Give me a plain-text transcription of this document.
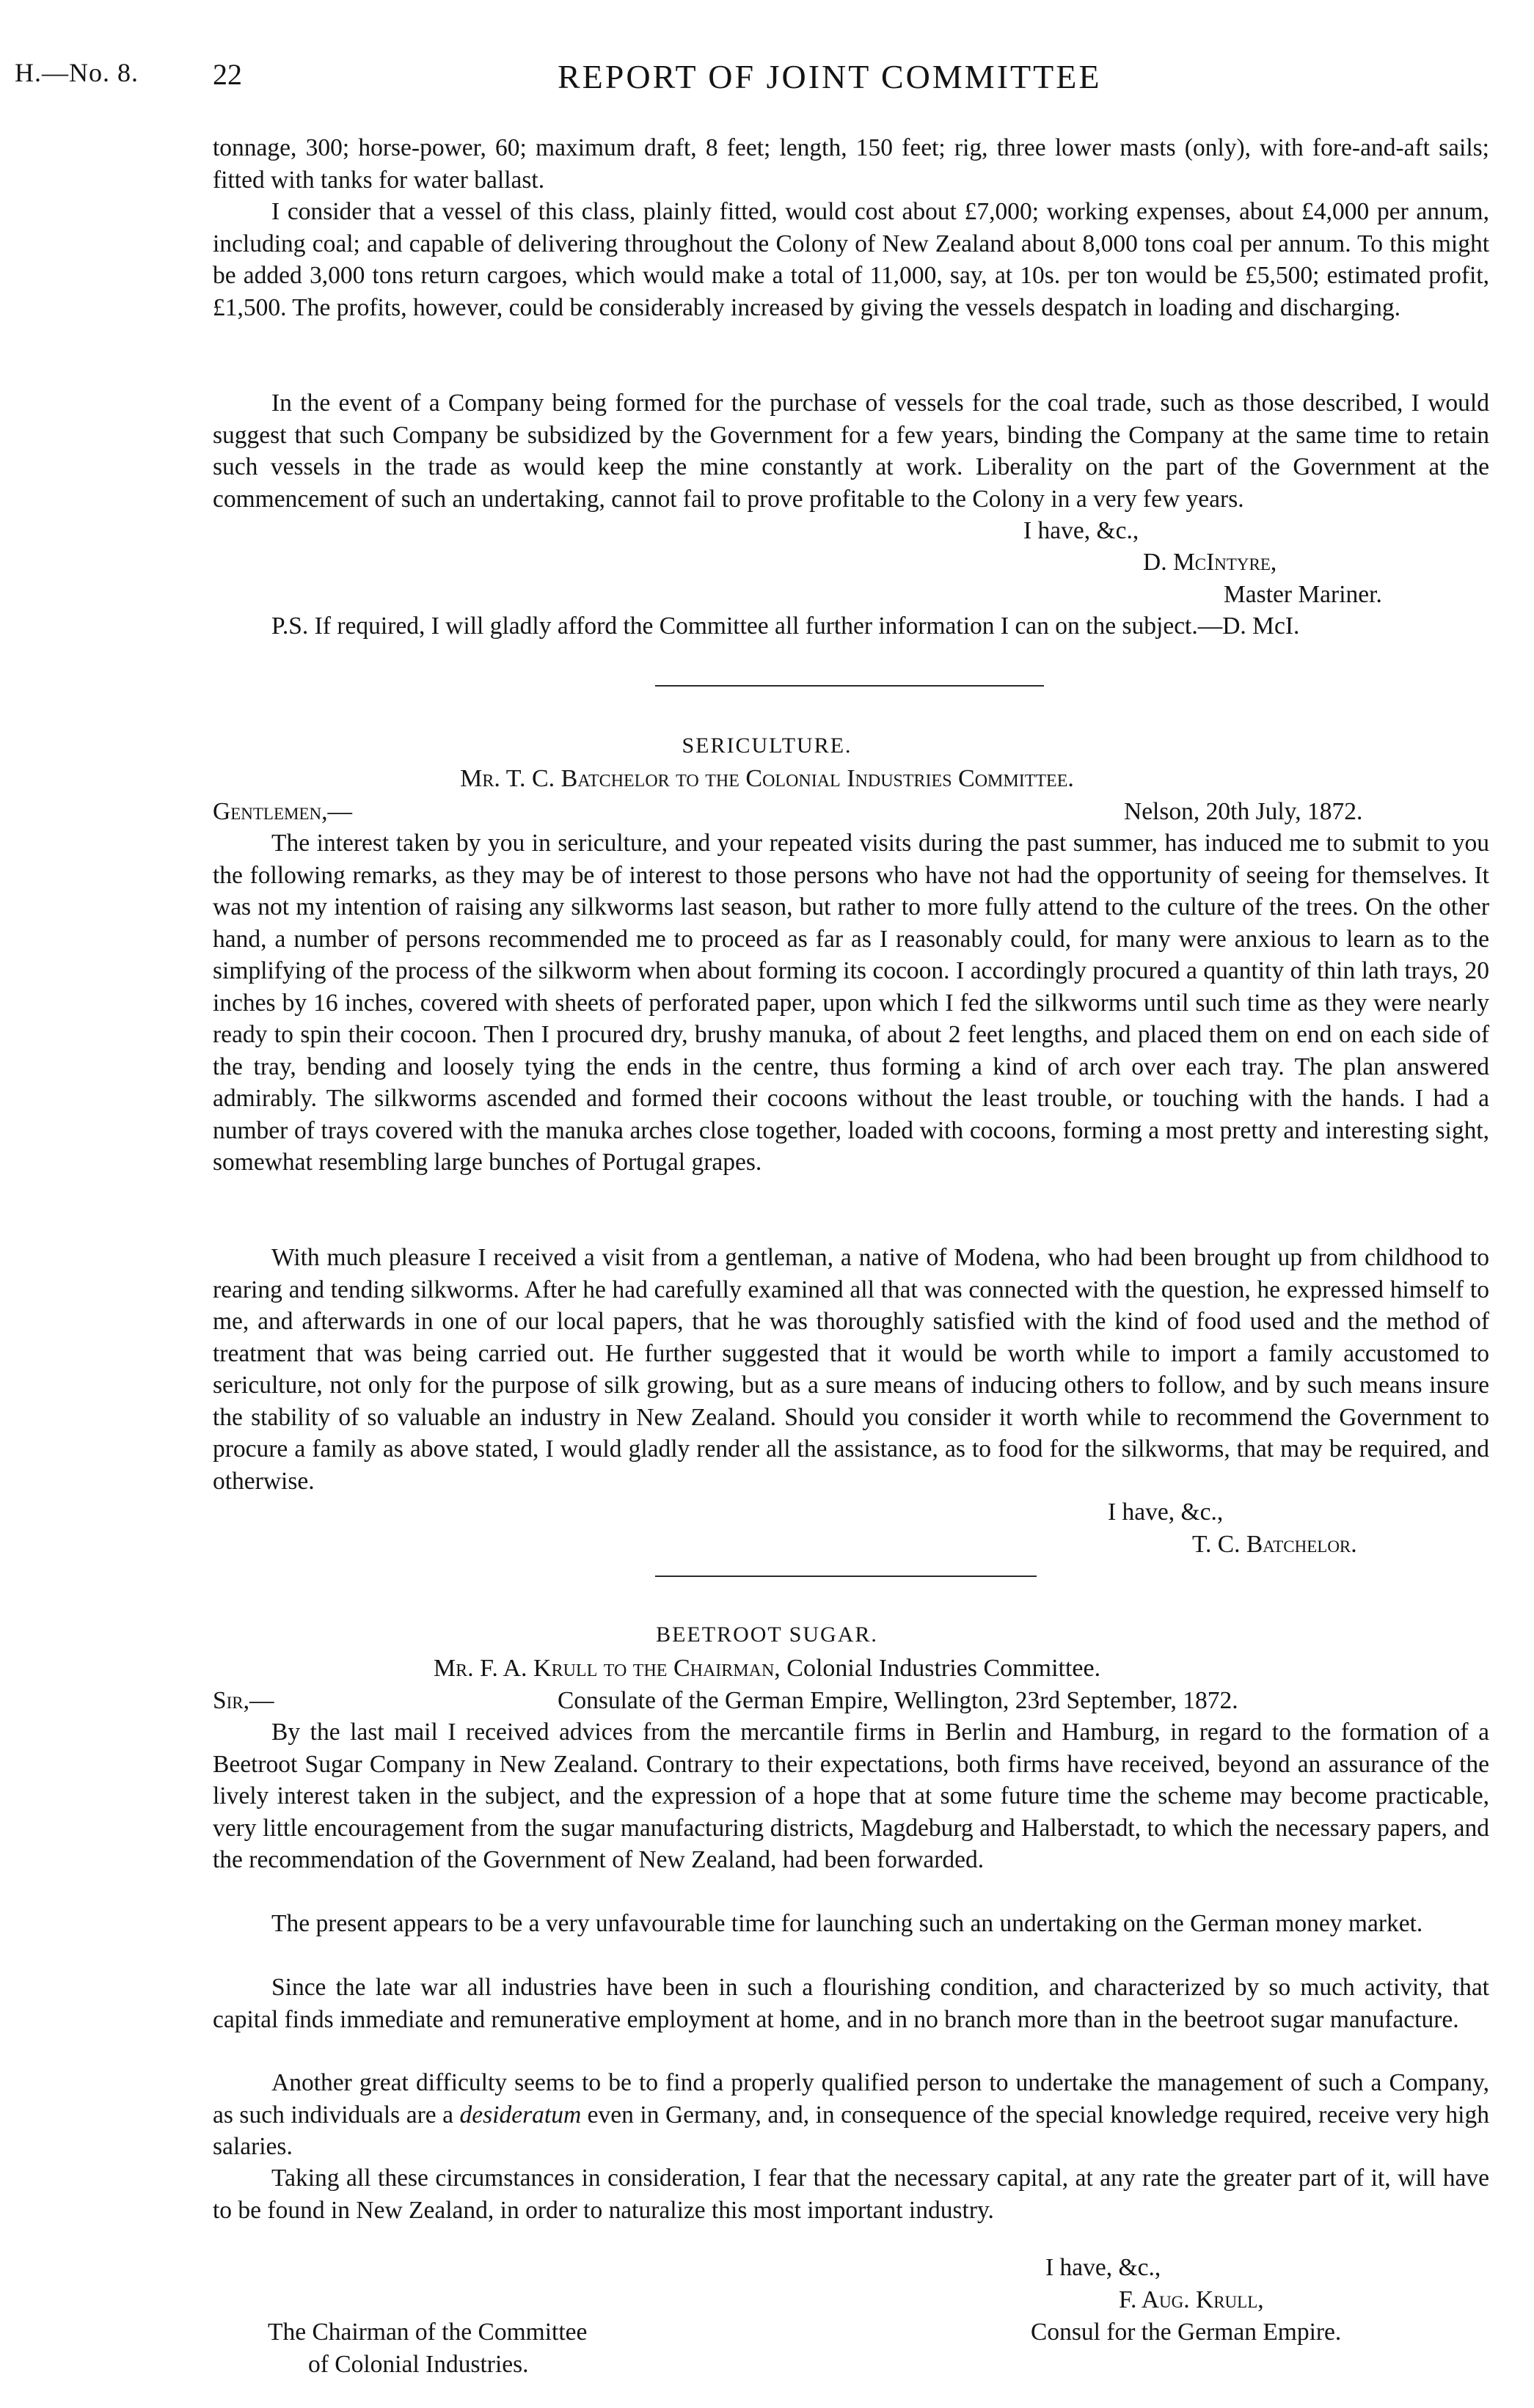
H.—No. 8.	22	REPORT OF JOINT COMMITTEE

tonnage, 300; horse-power, 60; maximum draft, 8 feet; length, 150 feet; rig, three lower masts (only), with fore-and-aft sails; fitted with tanks for water ballast.

I consider that a vessel of this class, plainly fitted, would cost about £7,000; working expenses, about £4,000 per annum, including coal; and capable of delivering throughout the Colony of New Zealand about 8,000 tons coal per annum. To this might be added 3,000 tons return cargoes, which would make a total of 11,000, say, at 10s. per ton would be £5,500; estimated profit, £1,500. The profits, however, could be considerably increased by giving the vessels despatch in loading and discharging.

In the event of a Company being formed for the purchase of vessels for the coal trade, such as those described, I would suggest that such Company be subsidized by the Government for a few years, binding the Company at the same time to retain such vessels in the trade as would keep the mine constantly at work. Liberality on the part of the Government at the commencement of such an undertaking, cannot fail to prove profitable to the Colony in a very few years.

I have, &c.,
D. McIntyre,
Master Mariner.

P.S. If required, I will gladly afford the Committee all further information I can on the subject.—D. McI.

SERICULTURE.
Mr. T. C. Batchelor to the Colonial Industries Committee.
Gentlemen,—	Nelson, 20th July, 1872.

The interest taken by you in sericulture, and your repeated visits during the past summer, has induced me to submit to you the following remarks, as they may be of interest to those persons who have not had the opportunity of seeing for themselves. It was not my intention of raising any silkworms last season, but rather to more fully attend to the culture of the trees. On the other hand, a number of persons recommended me to proceed as far as I reasonably could, for many were anxious to learn as to the simplifying of the process of the silkworm when about forming its cocoon. I accordingly procured a quantity of thin lath trays, 20 inches by 16 inches, covered with sheets of perforated paper, upon which I fed the silkworms until such time as they were nearly ready to spin their cocoon. Then I procured dry, brushy manuka, of about 2 feet lengths, and placed them on end on each side of the tray, bending and loosely tying the ends in the centre, thus forming a kind of arch over each tray. The plan answered admirably. The silkworms ascended and formed their cocoons without the least trouble, or touching with the hands. I had a number of trays covered with the manuka arches close together, loaded with cocoons, forming a most pretty and interesting sight, somewhat resembling large bunches of Portugal grapes.

With much pleasure I received a visit from a gentleman, a native of Modena, who had been brought up from childhood to rearing and tending silkworms. After he had carefully examined all that was connected with the question, he expressed himself to me, and afterwards in one of our local papers, that he was thoroughly satisfied with the kind of food used and the method of treatment that was being carried out. He further suggested that it would be worth while to import a family accustomed to sericulture, not only for the purpose of silk growing, but as a sure means of inducing others to follow, and by such means insure the stability of so valuable an industry in New Zealand. Should you consider it worth while to recommend the Government to procure a family as above stated, I would gladly render all the assistance, as to food for the silkworms, that may be required, and otherwise.

I have, &c.,
T. C. Batchelor.
BEETROOT SUGAR.
Mr. F. A. Krull to the Chairman, Colonial Industries Committee.
Sir,—	Consulate of the German Empire, Wellington, 23rd September, 1872.

By the last mail I received advices from the mercantile firms in Berlin and Hamburg, in regard to the formation of a Beetroot Sugar Company in New Zealand. Contrary to their expectations, both firms have received, beyond an assurance of the lively interest taken in the subject, and the expression of a hope that at some future time the scheme may become practicable, very little encouragement from the sugar manufacturing districts, Magdeburg and Halberstadt, to which the necessary papers, and the recommendation of the Government of New Zealand, had been forwarded.

The present appears to be a very unfavourable time for launching such an undertaking on the German money market.

Since the late war all industries have been in such a flourishing condition, and characterized by so much activity, that capital finds immediate and remunerative employment at home, and in no branch more than in the beetroot sugar manufacture.

Another great difficulty seems to be to find a properly qualified person to undertake the management of such a Company, as such individuals are a desideratum even in Germany, and, in consequence of the special knowledge required, receive very high salaries.

Taking all these circumstances in consideration, I fear that the necessary capital, at any rate the greater part of it, will have to be found in New Zealand, in order to naturalize this most important industry.

I have, &c.,
F. Aug. Krull,
Consul for the German Empire.
The Chairman of the Committee
of Colonial Industries.
